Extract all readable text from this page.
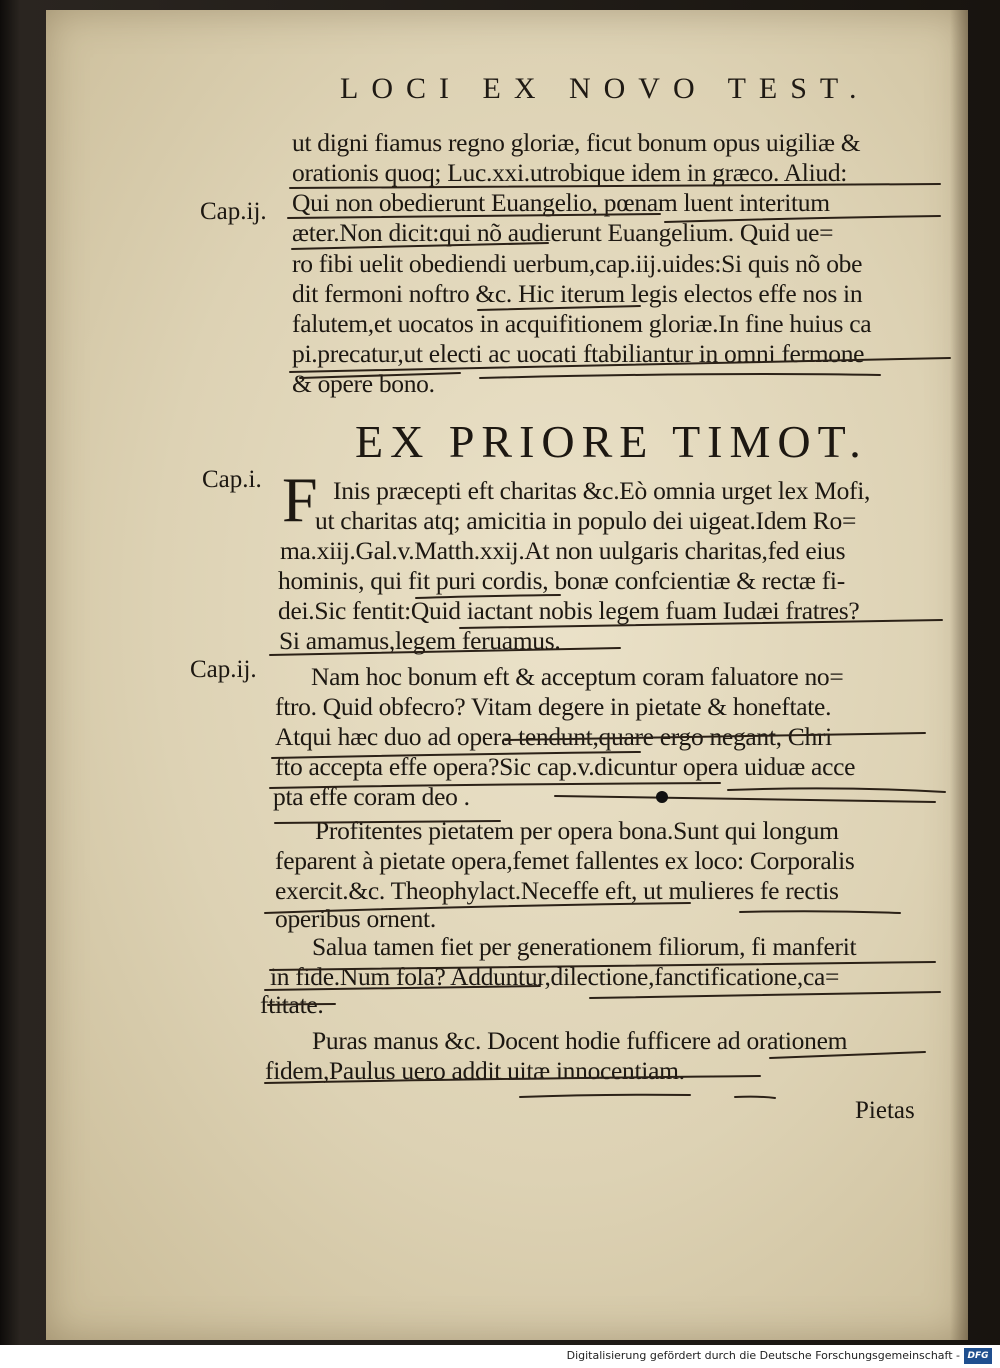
LOCI EX NOVO TEST.
ut digni fiamus regno gloriæ, ficut bonum opus uigiliæ &
orationis quoq; Luc.xxi.utrobique idem in græco. Aliud:
Qui non obedierunt Euangelio, pœnam luent interitum
æter.Non dicit:qui nõ audierunt Euangelium. Quid ue=
ro fibi uelit obediendi uerbum,cap.iij.uides:Si quis nõ obe
dit fermoni noftro &c. Hic iterum legis electos effe nos in
falutem,et uocatos in acquifitionem gloriæ.In fine huius ca
pi.precatur,ut electi ac uocati ftabiliantur in omni fermone
& opere bono.
Cap.ij.
EX PRIORE TIMOT.
Cap.i. F Inis præcepti eft charitas &c.Eò omnia urget lex Mofi,
ut charitas atq; amicitia in populo dei uigeat.Idem Ro=
ma.xiij.Gal.v.Matth.xxij.At non uulgaris charitas,fed eius
hominis, qui fit puri cordis, bonæ confcientiæ & rectæ fi-
dei.Sic fentit:Quid iactant nobis legem fuam Iudæi fratres?
Si amamus,legem feruamus.
Nam hoc bonum eft & acceptum coram faluatore no=
ftro. Quid obfecro? Vitam degere in pietate & honeftate.
Atqui hæc duo ad opera tendunt,quare ergo negant, Chri
fto accepta effe opera?Sic cap.v.dicuntur opera uiduæ acce
pta effe coram deo .
Profitentes pietatem per opera bona.Sunt qui longum
feparent à pietate opera,femet fallentes ex loco: Corporalis
exercit.&c. Theophylact.Neceffe eft, ut mulieres fe rectis
operibus ornent.
Salua tamen fiet per generationem filiorum, fi manferit
in fide.Num fola? Adduntur,dilectione,fanctificatione,ca=
ftitate.
Puras manus &c. Docent hodie fufficere ad orationem
fidem,Paulus uero addit uitæ innocentiam.
Cap.ij.
Pietas
Digitalisierung gefördert durch die Deutsche Forschungsgemeinschaft - DFG
